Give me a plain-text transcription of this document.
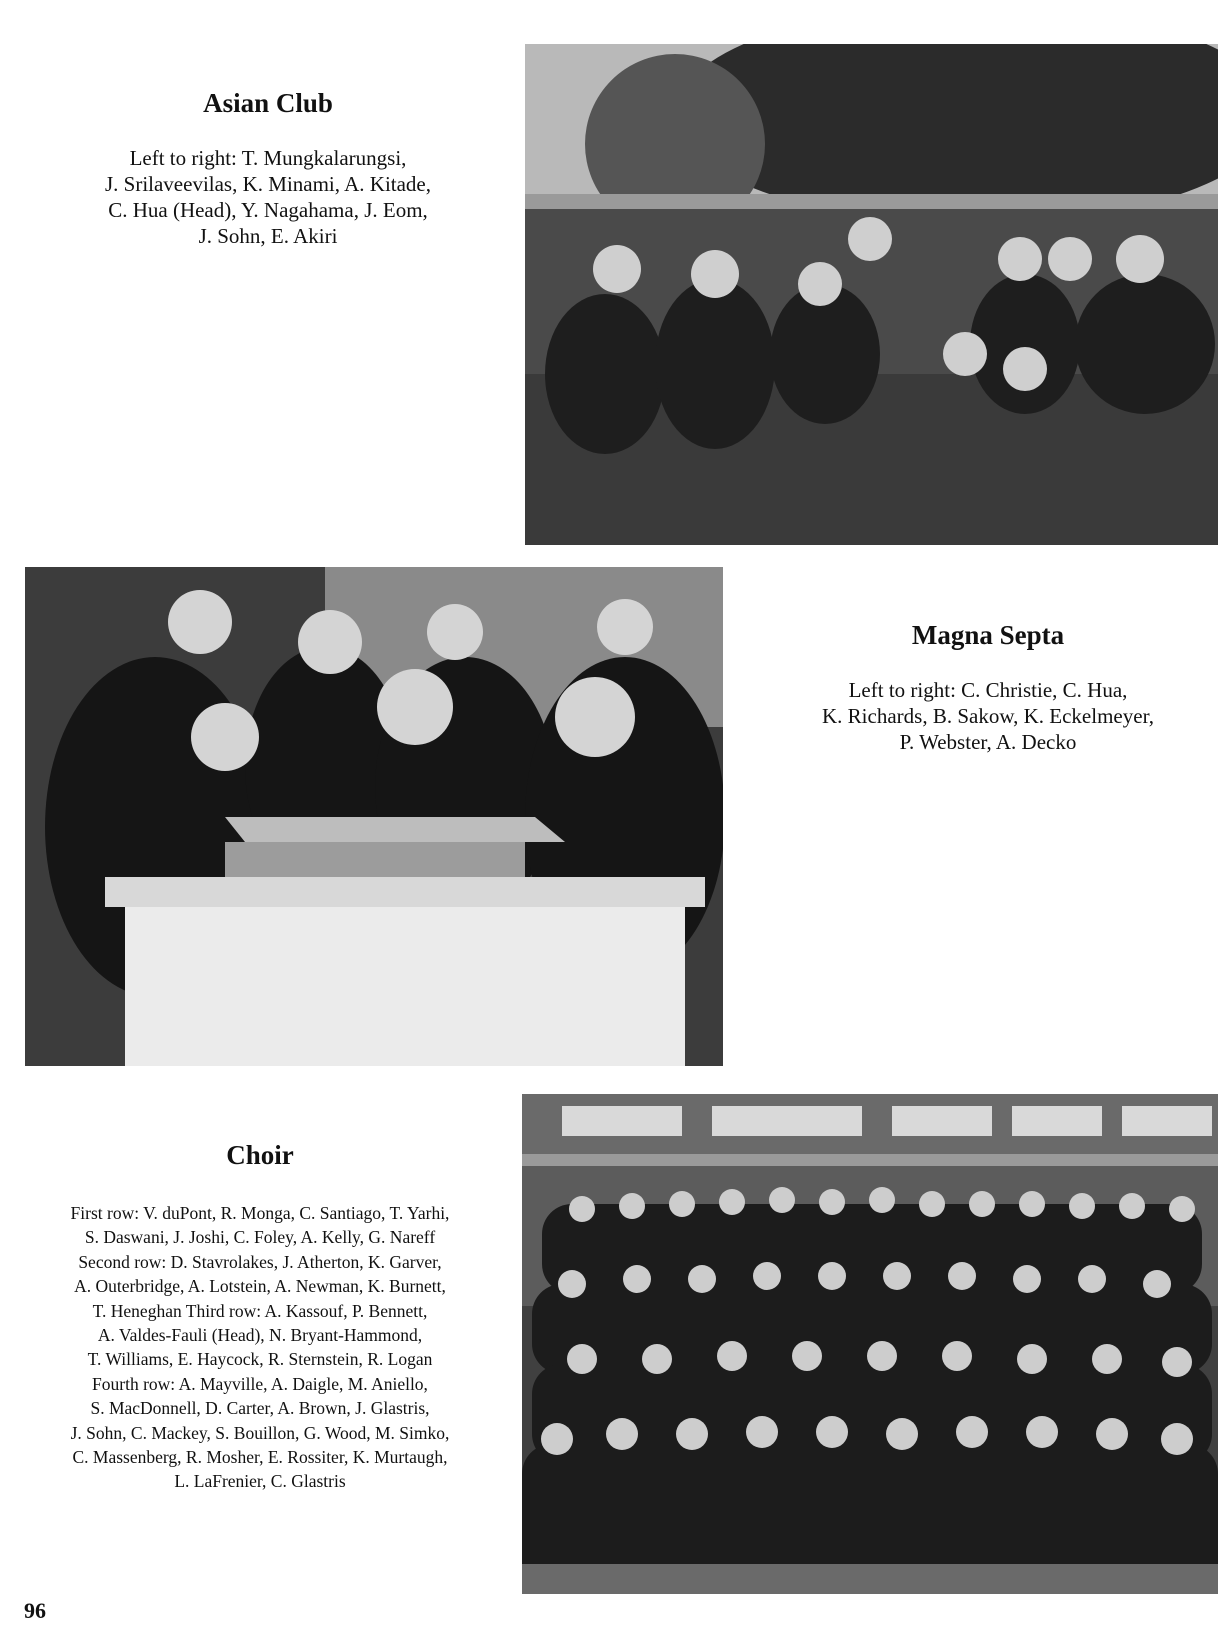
Asian Club

Left to right: T. Mungkalarungsi,
J. Srilaveevilas, K. Minami, A. Kitade,
C. Hua (Head), Y. Nagahama, J. Eom,
J. Sohn, E. Akiri

Magna Septa

Left to right: C. Christie, C. Hua,
K. Richards, B. Sakow, K. Eckelmeyer,
P. Webster, A. Decko

Choir

First row: V. duPont, R. Monga, C. Santiago, T. Yarhi,
S. Daswani, J. Joshi, C. Foley, A. Kelly, G. Nareff
Second row: D. Stavrolakes, J. Atherton, K. Garver,
A. Outerbridge, A. Lotstein, A. Newman, K. Burnett,
T. Heneghan Third row: A. Kassouf, P. Bennett,
A. Valdes-Fauli (Head), N. Bryant-Hammond,
T. Williams, E. Haycock, R. Sternstein, R. Logan
Fourth row: A. Mayville, A. Daigle, M. Aniello,
S. MacDonnell, D. Carter, A. Brown, J. Glastris,
J. Sohn, C. Mackey, S. Bouillon, G. Wood, M. Simko,
C. Massenberg, R. Mosher, E. Rossiter, K. Murtaugh,
L. LaFrenier, C. Glastris

96
